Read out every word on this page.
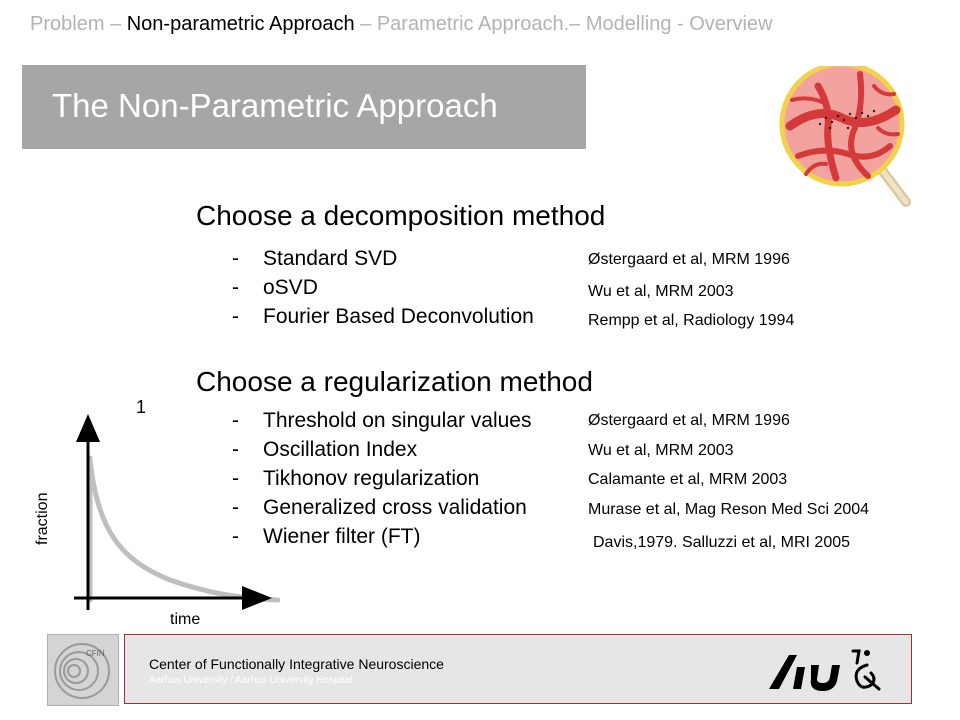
Problem – Non-parametric Approach – Parametric Approach.– Modelling - Overview
The Non-Parametric Approach
Choose a decomposition method
- Standard SVD
- oSVD
- Fourier Based Deconvolution
Østergaard et al, MRM 1996
Wu et al, MRM 2003
Rempp et al, Radiology 1994
Choose a regularization method
- Threshold on singular values
- Oscillation Index
- Tikhonov regularization
- Generalized cross validation
- Wiener filter (FT)
Østergaard et al, MRM 1996
Wu et al, MRM 2003
Calamante et al, MRM 2003
Murase et al, Mag Reson Med Sci 2004
Davis,1979. Salluzzi et al, MRI 2005
1
fraction
time
CFIN
Center of Functionally Integrative Neuroscience
Aarhus University / Aarhus University Hospital
